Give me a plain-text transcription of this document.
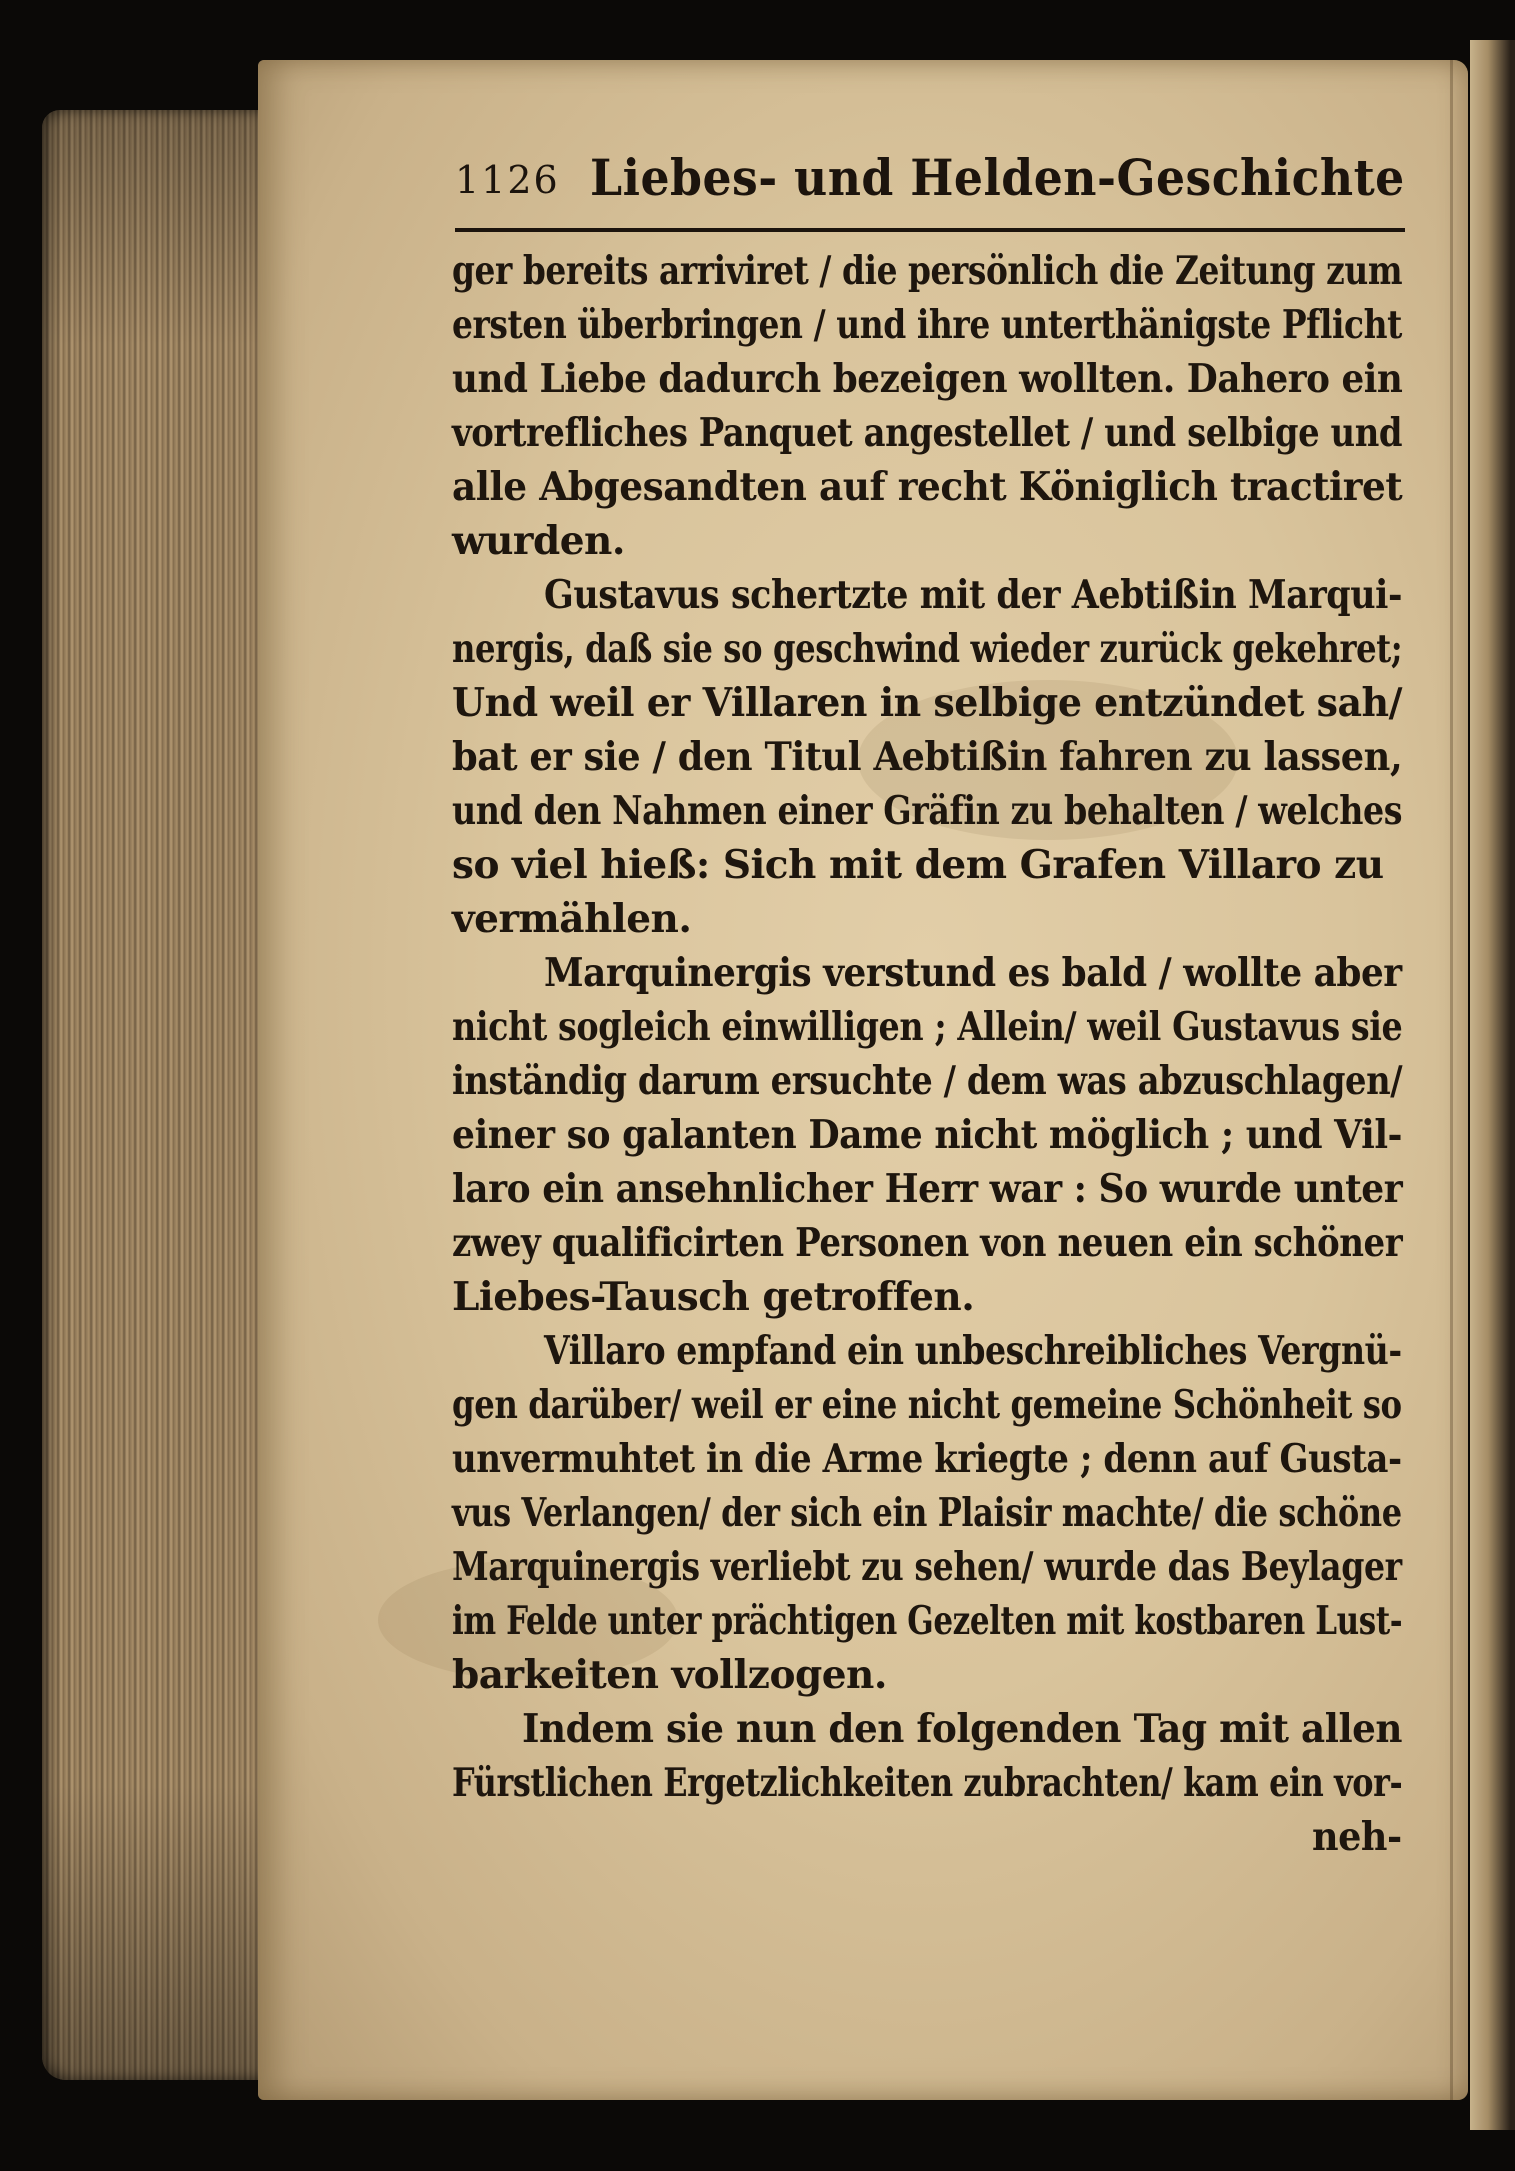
1126 Liebes- und Helden-Geschichte
ger bereits arriviret / die persönlich die Zeitung zum
ersten überbringen / und ihre unterthänigste Pflicht
und Liebe dadurch bezeigen wollten. Dahero ein
vortrefliches Panquet angestellet / und selbige und
alle Abgesandten auf recht Königlich tractiret
wurden.
Gustavus schertzte mit der Aebtißin Marqui-
nergis, daß sie so geschwind wieder zurück gekehret;
Und weil er Villaren in selbige entzündet sah/
bat er sie / den Titul Aebtißin fahren zu lassen,
und den Nahmen einer Gräfin zu behalten / welches
so viel hieß: Sich mit dem Grafen Villaro zu
vermählen.
Marquinergis verstund es bald / wollte aber
nicht sogleich einwilligen ; Allein/ weil Gustavus sie
inständig darum ersuchte / dem was abzuschlagen/
einer so galanten Dame nicht möglich ; und Vil-
laro ein ansehnlicher Herr war : So wurde unter
zwey qualificirten Personen von neuen ein schöner
Liebes-Tausch getroffen.
Villaro empfand ein unbeschreibliches Vergnü-
gen darüber/ weil er eine nicht gemeine Schönheit so
unvermuhtet in die Arme kriegte ; denn auf Gusta-
vus Verlangen/ der sich ein Plaisir machte/ die schöne
Marquinergis verliebt zu sehen/ wurde das Beylager
im Felde unter prächtigen Gezelten mit kostbaren Lust-
barkeiten vollzogen.
Indem sie nun den folgenden Tag mit allen
Fürstlichen Ergetzlichkeiten zubrachten/ kam ein vor-
neh-
